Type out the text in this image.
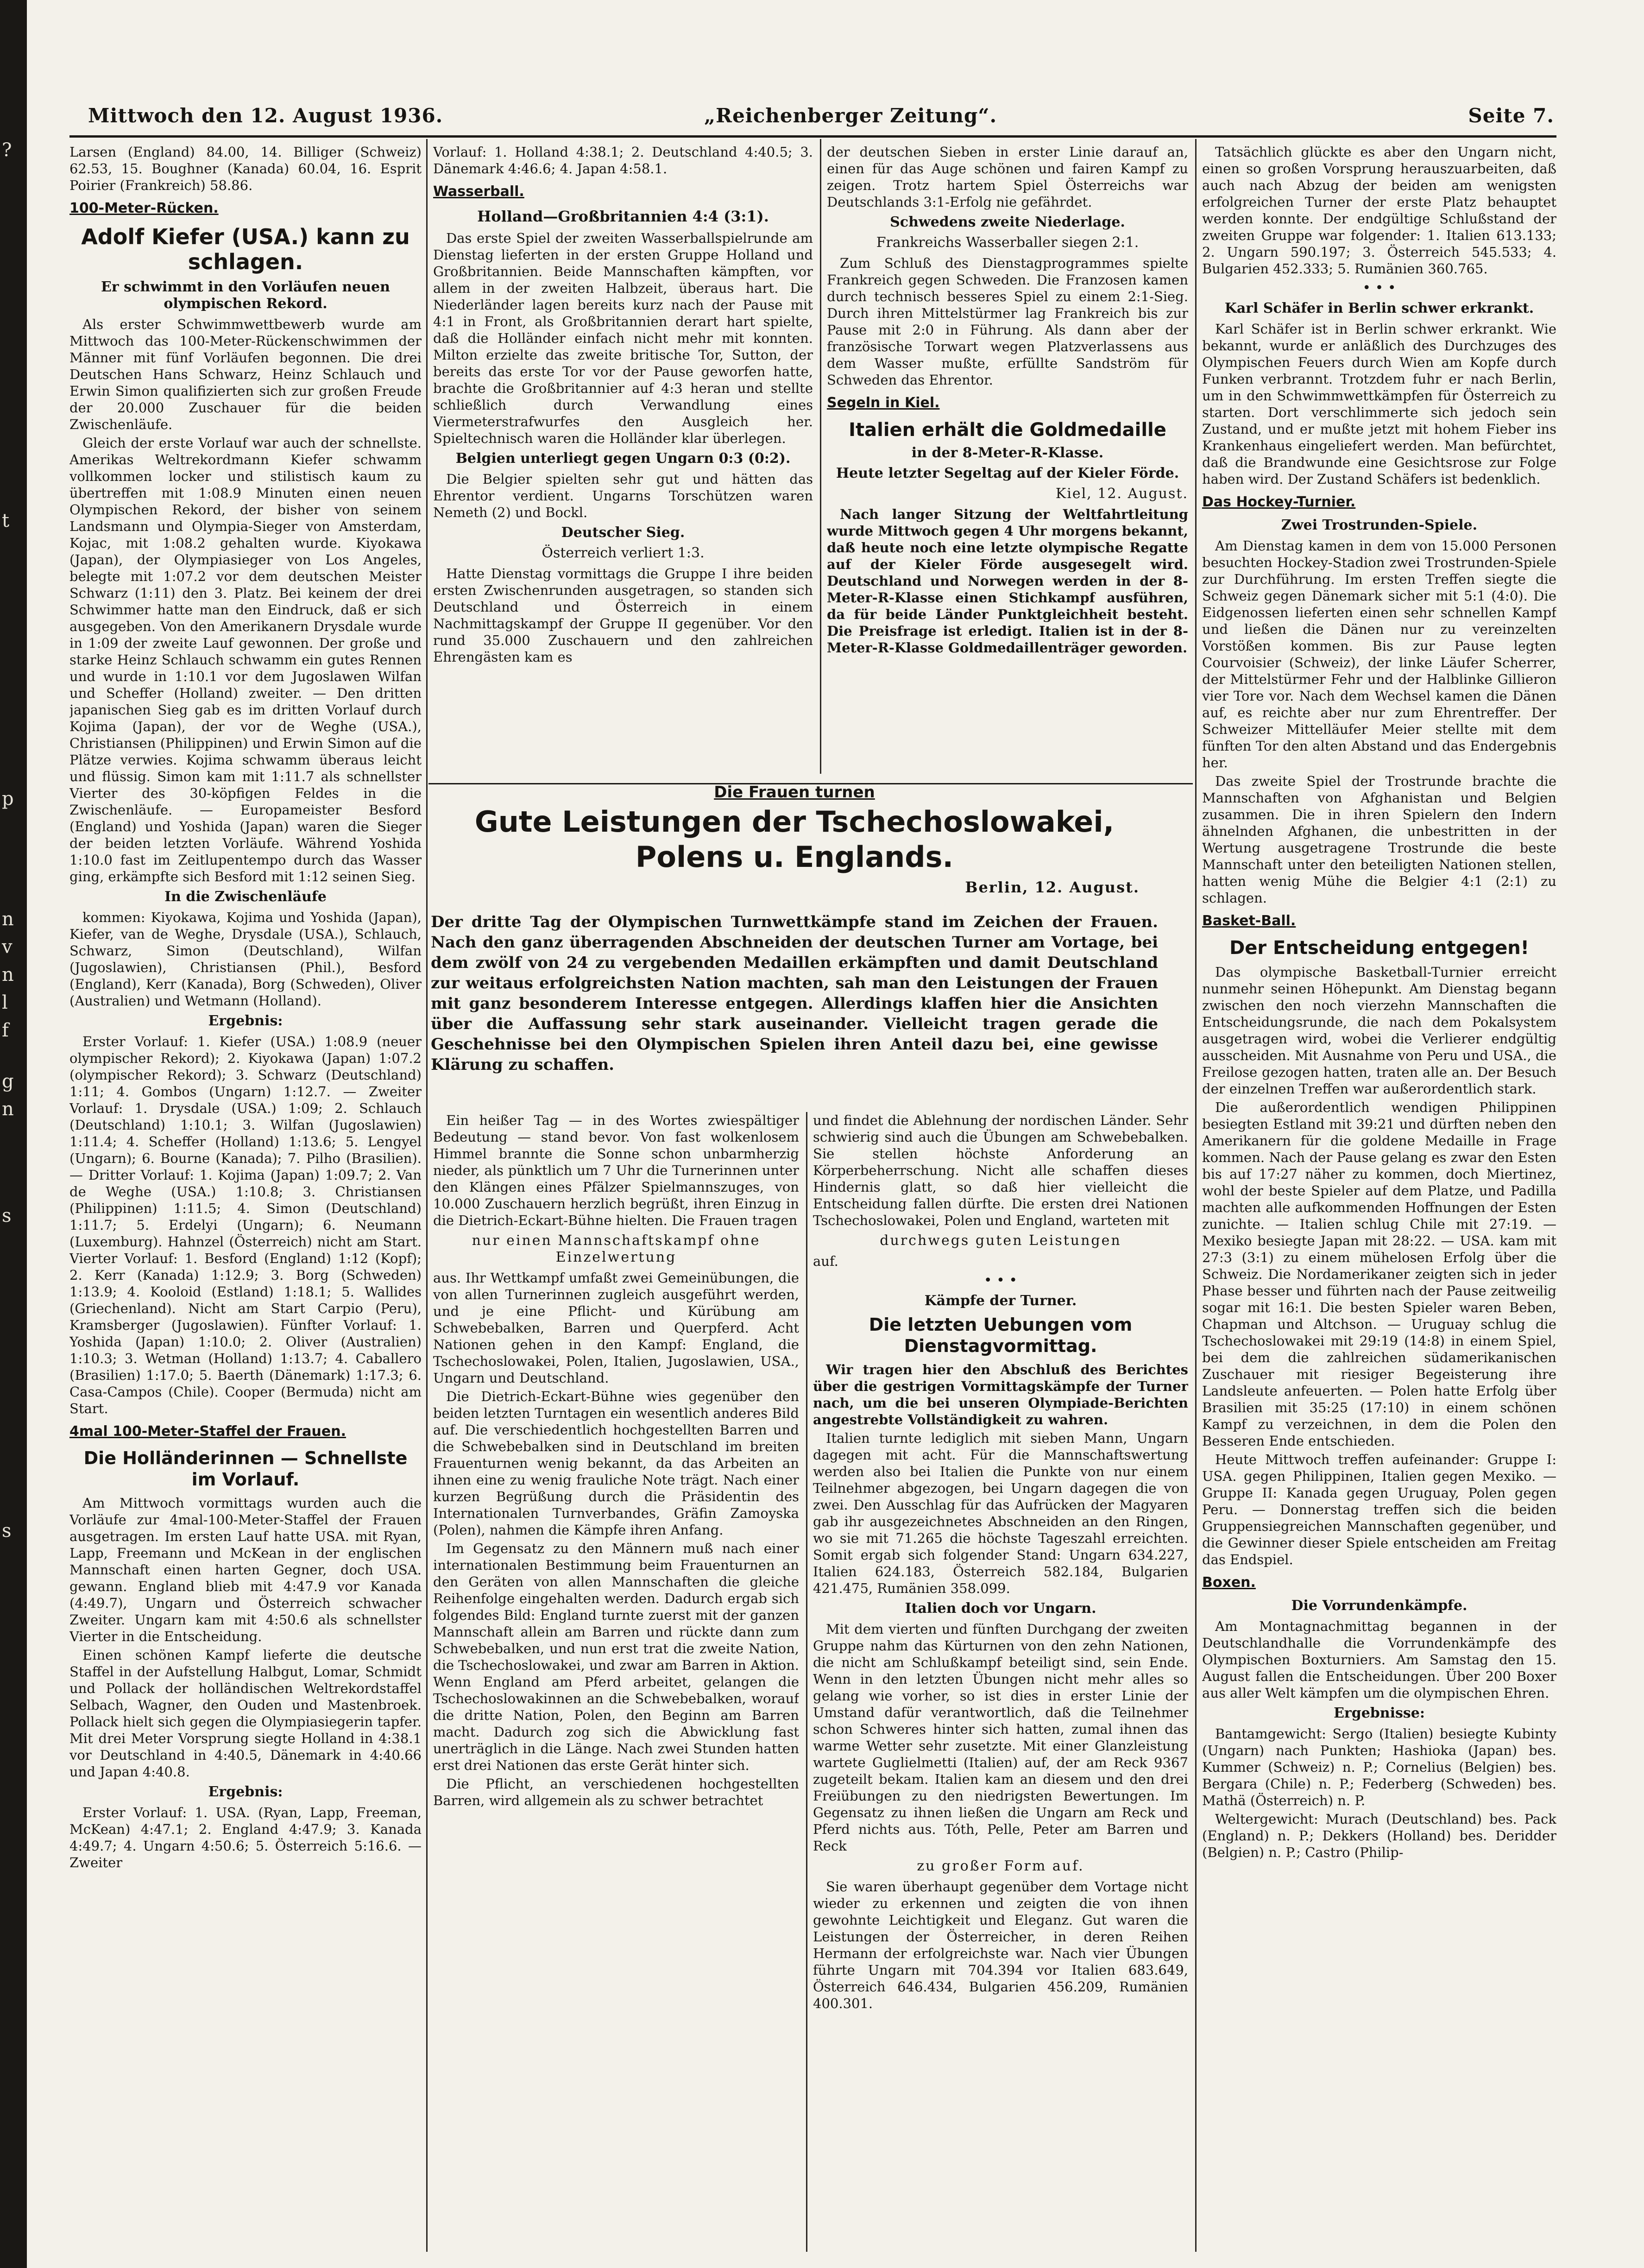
?
t
p
n
v
n
l
f
g
n
s
s
Mittwoch den 12. August 1936.	„Reichenberger Zeitung“.	Seite 7.

Larsen (England) 84.00, 14. Billiger (Schweiz) 62.53, 15. Boughner (Kanada) 60.04, 16. Esprit Poirier (Frankreich) 58.86.

100-Meter-Rücken.
Adolf Kiefer (USA.) kann zu schlagen.
Er schwimmt in den Vorläufen neuen olympischen Rekord.

Als erster Schwimmwettbewerb wurde am Mittwoch das 100-Meter-Rückenschwimmen der Männer mit fünf Vorläufen begonnen. Die drei Deutschen Hans Schwarz, Heinz Schlauch und Erwin Simon qualifizierten sich zur großen Freude der 20.000 Zuschauer für die beiden Zwischenläufe.

Gleich der erste Vorlauf war auch der schnellste. Amerikas Weltrekordmann Kiefer schwamm vollkommen locker und stilistisch kaum zu übertreffen mit 1:08.9 Minuten einen neuen Olympischen Rekord, der bisher von seinem Landsmann und Olympia-Sieger von Amsterdam, Kojac, mit 1:08.2 gehalten wurde. Kiyokawa (Japan), der Olympiasieger von Los Angeles, belegte mit 1:07.2 vor dem deutschen Meister Schwarz (1:11) den 3. Platz. Bei keinem der drei Schwimmer hatte man den Eindruck, daß er sich ausgegeben. Von den Amerikanern Drysdale wurde in 1:09 der zweite Lauf gewonnen. Der große und starke Heinz Schlauch schwamm ein gutes Rennen und wurde in 1:10.1 vor dem Jugoslawen Wilfan und Scheffer (Holland) zweiter. — Den dritten japanischen Sieg gab es im dritten Vorlauf durch Kojima (Japan), der vor de Weghe (USA.), Christiansen (Philippinen) und Erwin Simon auf die Plätze verwies. Kojima schwamm überaus leicht und flüssig. Simon kam mit 1:11.7 als schnellster Vierter des 30-köpfigen Feldes in die Zwischenläufe. — Europameister Besford (England) und Yoshida (Japan) waren die Sieger der beiden letzten Vorläufe. Während Yoshida 1:10.0 fast im Zeitlupentempo durch das Wasser ging, erkämpfte sich Besford mit 1:12 seinen Sieg.

In die Zwischenläufe

kommen: Kiyokawa, Kojima und Yoshida (Japan), Kiefer, van de Weghe, Drysdale (USA.), Schlauch, Schwarz, Simon (Deutschland), Wilfan (Jugoslawien), Christiansen (Phil.), Besford (England), Kerr (Kanada), Borg (Schweden), Oliver (Australien) und Wetmann (Holland).

Ergebnis:

Erster Vorlauf: 1. Kiefer (USA.) 1:08.9 (neuer olympischer Rekord); 2. Kiyokawa (Japan) 1:07.2 (olympischer Rekord); 3. Schwarz (Deutschland) 1:11; 4. Gombos (Ungarn) 1:12.7. — Zweiter Vorlauf: 1. Drysdale (USA.) 1:09; 2. Schlauch (Deutschland) 1:10.1; 3. Wilfan (Jugoslawien) 1:11.4; 4. Scheffer (Holland) 1:13.6; 5. Lengyel (Ungarn); 6. Bourne (Kanada); 7. Pilho (Brasilien). — Dritter Vorlauf: 1. Kojima (Japan) 1:09.7; 2. Van de Weghe (USA.) 1:10.8; 3. Christiansen (Philippinen) 1:11.5; 4. Simon (Deutschland) 1:11.7; 5. Erdelyi (Ungarn); 6. Neumann (Luxemburg). Hahnzel (Österreich) nicht am Start. Vierter Vorlauf: 1. Besford (England) 1:12 (Kopf); 2. Kerr (Kanada) 1:12.9; 3. Borg (Schweden) 1:13.9; 4. Kooloid (Estland) 1:18.1; 5. Wallides (Griechenland). Nicht am Start Carpio (Peru), Kramsberger (Jugoslawien). Fünfter Vorlauf: 1. Yoshida (Japan) 1:10.0; 2. Oliver (Australien) 1:10.3; 3. Wetman (Holland) 1:13.7; 4. Caballero (Brasilien) 1:17.0; 5. Baerth (Dänemark) 1:17.3; 6. Casa-Campos (Chile). Cooper (Bermuda) nicht am Start.

4mal 100-Meter-Staffel der Frauen.
Die Holländerinnen — Schnellste im Vorlauf.

Am Mittwoch vormittags wurden auch die Vorläufe zur 4mal-100-Meter-Staffel der Frauen ausgetragen. Im ersten Lauf hatte USA. mit Ryan, Lapp, Freemann und McKean in der englischen Mannschaft einen harten Gegner, doch USA. gewann. England blieb mit 4:47.9 vor Kanada (4:49.7), Ungarn und Österreich schwacher Zweiter. Ungarn kam mit 4:50.6 als schnellster Vierter in die Entscheidung.

Einen schönen Kampf lieferte die deutsche Staffel in der Aufstellung Halbgut, Lomar, Schmidt und Pollack der holländischen Weltrekordstaffel Selbach, Wagner, den Ouden und Mastenbroek. Pollack hielt sich gegen die Olympiasiegerin tapfer. Mit drei Meter Vorsprung siegte Holland in 4:38.1 vor Deutschland in 4:40.5, Dänemark in 4:40.66 und Japan 4:40.8.

Ergebnis:

Erster Vorlauf: 1. USA. (Ryan, Lapp, Freeman, McKean) 4:47.1; 2. England 4:47.9; 3. Kanada 4:49.7; 4. Ungarn 4:50.6; 5. Österreich 5:16.6. — Zweiter

Vorlauf: 1. Holland 4:38.1; 2. Deutschland 4:40.5; 3. Dänemark 4:46.6; 4. Japan 4:58.1.

Wasserball.
Holland—Großbritannien 4:4 (3:1).

Das erste Spiel der zweiten Wasserballspielrunde am Dienstag lieferten in der ersten Gruppe Holland und Großbritannien. Beide Mannschaften kämpften, vor allem in der zweiten Halbzeit, überaus hart. Die Niederländer lagen bereits kurz nach der Pause mit 4:1 in Front, als Großbritannien derart hart spielte, daß die Holländer einfach nicht mehr mit konnten. Milton erzielte das zweite britische Tor, Sutton, der bereits das erste Tor vor der Pause geworfen hatte, brachte die Großbritannier auf 4:3 heran und stellte schließlich durch Verwandlung eines Viermeterstrafwurfes den Ausgleich her. Spieltechnisch waren die Holländer klar überlegen.

Belgien unterliegt gegen Ungarn 0:3 (0:2).

Die Belgier spielten sehr gut und hätten das Ehrentor verdient. Ungarns Torschützen waren Nemeth (2) und Bockl.

Deutscher Sieg.
Österreich verliert 1:3.

Hatte Dienstag vormittags die Gruppe I ihre beiden ersten Zwischenrunden ausgetragen, so standen sich Deutschland und Österreich in einem Nachmittagskampf der Gruppe II gegenüber. Vor den rund 35.000 Zuschauern und den zahlreichen Ehrengästen kam es

der deutschen Sieben in erster Linie darauf an, einen für das Auge schönen und fairen Kampf zu zeigen. Trotz hartem Spiel Österreichs war Deutschlands 3:1-Erfolg nie gefährdet.

Schwedens zweite Niederlage.
Frankreichs Wasserballer siegen 2:1.

Zum Schluß des Dienstagprogrammes spielte Frankreich gegen Schweden. Die Franzosen kamen durch technisch besseres Spiel zu einem 2:1-Sieg. Durch ihren Mittelstürmer lag Frankreich bis zur Pause mit 2:0 in Führung. Als dann aber der französische Torwart wegen Platzverlassens aus dem Wasser mußte, erfüllte Sandström für Schweden das Ehrentor.

Segeln in Kiel.
Italien erhält die Goldmedaille
in der 8-Meter-R-Klasse.
Heute letzter Segeltag auf der Kieler Förde.
Kiel, 12. August.

Nach langer Sitzung der Weltfahrtleitung wurde Mittwoch gegen 4 Uhr morgens bekannt, daß heute noch eine letzte olympische Regatte auf der Kieler Förde ausgesegelt wird. Deutschland und Norwegen werden in der 8-Meter-R-Klasse einen Stichkampf ausführen, da für beide Länder Punktgleichheit besteht. Die Preisfrage ist erledigt. Italien ist in der 8-Meter-R-Klasse Goldmedaillenträger geworden.

Die Frauen turnen
Gute Leistungen der Tschechoslowakei, Polens u. Englands.
Berlin, 12. August.

Der dritte Tag der Olympischen Turnwettkämpfe stand im Zeichen der Frauen. Nach den ganz überragenden Abschneiden der deutschen Turner am Vortage, bei dem zwölf von 24 zu vergebenden Medaillen erkämpften und damit Deutschland zur weitaus erfolgreichsten Nation machten, sah man den Leistungen der Frauen mit ganz besonderem Interesse entgegen. Allerdings klaffen hier die Ansichten über die Auffassung sehr stark auseinander. Vielleicht tragen gerade die Geschehnisse bei den Olympischen Spielen ihren Anteil dazu bei, eine gewisse Klärung zu schaffen.

Ein heißer Tag — in des Wortes zwiespältiger Bedeutung — stand bevor. Von fast wolkenlosem Himmel brannte die Sonne schon unbarmherzig nieder, als pünktlich um 7 Uhr die Turnerinnen unter den Klängen eines Pfälzer Spielmannszuges, von 10.000 Zuschauern herzlich begrüßt, ihren Einzug in die Dietrich-Eckart-Bühne hielten. Die Frauen tragen

nur einen Mannschaftskampf ohne Einzelwertung

aus. Ihr Wettkampf umfaßt zwei Gemeinübungen, die von allen Turnerinnen zugleich ausgeführt werden, und je eine Pflicht- und Kürübung am Schwebebalken, Barren und Querpferd. Acht Nationen gehen in den Kampf: England, die Tschechoslowakei, Polen, Italien, Jugoslawien, USA., Ungarn und Deutschland.

Die Dietrich-Eckart-Bühne wies gegenüber den beiden letzten Turntagen ein wesentlich anderes Bild auf. Die verschiedentlich hochgestellten Barren und die Schwebebalken sind in Deutschland im breiten Frauenturnen wenig bekannt, da das Arbeiten an ihnen eine zu wenig frauliche Note trägt. Nach einer kurzen Begrüßung durch die Präsidentin des Internationalen Turnverbandes, Gräfin Zamoyska (Polen), nahmen die Kämpfe ihren Anfang.

Im Gegensatz zu den Männern muß nach einer internationalen Bestimmung beim Frauenturnen an den Geräten von allen Mannschaften die gleiche Reihenfolge eingehalten werden. Dadurch ergab sich folgendes Bild: England turnte zuerst mit der ganzen Mannschaft allein am Barren und rückte dann zum Schwebebalken, und nun erst trat die zweite Nation, die Tschechoslowakei, und zwar am Barren in Aktion. Wenn England am Pferd arbeitet, gelangen die Tschechoslowakinnen an die Schwebebalken, worauf die dritte Nation, Polen, den Beginn am Barren macht. Dadurch zog sich die Abwicklung fast unerträglich in die Länge. Nach zwei Stunden hatten erst drei Nationen das erste Gerät hinter sich.

Die Pflicht, an verschiedenen hochgestellten Barren, wird allgemein als zu schwer betrachtet

und findet die Ablehnung der nordischen Länder. Sehr schwierig sind auch die Übungen am Schwebebalken. Sie stellen höchste Anforderung an Körperbeherrschung. Nicht alle schaffen dieses Hindernis glatt, so daß hier vielleicht die Entscheidung fallen dürfte. Die ersten drei Nationen Tschechoslowakei, Polen und England, warteten mit

durchwegs guten Leistungen

auf.

• • •
Kämpfe der Turner.
Die letzten Uebungen vom Dienstagvormittag.

Wir tragen hier den Abschluß des Berichtes über die gestrigen Vormittagskämpfe der Turner nach, um die bei unseren Olympiade-Berichten angestrebte Vollständigkeit zu wahren.

Italien turnte lediglich mit sieben Mann, Ungarn dagegen mit acht. Für die Mannschaftswertung werden also bei Italien die Punkte von nur einem Teilnehmer abgezogen, bei Ungarn dagegen die von zwei. Den Ausschlag für das Aufrücken der Magyaren gab ihr ausgezeichnetes Abschneiden an den Ringen, wo sie mit 71.265 die höchste Tageszahl erreichten. Somit ergab sich folgender Stand: Ungarn 634.227, Italien 624.183, Österreich 582.184, Bulgarien 421.475, Rumänien 358.099.

Italien doch vor Ungarn.

Mit dem vierten und fünften Durchgang der zweiten Gruppe nahm das Kürturnen von den zehn Nationen, die nicht am Schlußkampf beteiligt sind, sein Ende. Wenn in den letzten Übungen nicht mehr alles so gelang wie vorher, so ist dies in erster Linie der Umstand dafür verantwortlich, daß die Teilnehmer schon Schweres hinter sich hatten, zumal ihnen das warme Wetter sehr zusetzte. Mit einer Glanzleistung wartete Guglielmetti (Italien) auf, der am Reck 9367 zugeteilt bekam. Italien kam an diesem und den drei Freiübungen zu den niedrigsten Bewertungen. Im Gegensatz zu ihnen ließen die Ungarn am Reck und Pferd nichts aus. Tóth, Pelle, Peter am Barren und Reck

zu großer Form auf.

Sie waren überhaupt gegenüber dem Vortage nicht wieder zu erkennen und zeigten die von ihnen gewohnte Leichtigkeit und Eleganz. Gut waren die Leistungen der Österreicher, in deren Reihen Hermann der erfolgreichste war. Nach vier Übungen führte Ungarn mit 704.394 vor Italien 683.649, Österreich 646.434, Bulgarien 456.209, Rumänien 400.301.

Tatsächlich glückte es aber den Ungarn nicht, einen so großen Vorsprung herauszuarbeiten, daß auch nach Abzug der beiden am wenigsten erfolgreichen Turner der erste Platz behauptet werden konnte. Der endgültige Schlußstand der zweiten Gruppe war folgender: 1. Italien 613.133; 2. Ungarn 590.197; 3. Österreich 545.533; 4. Bulgarien 452.333; 5. Rumänien 360.765.

• • •
Karl Schäfer in Berlin schwer erkrankt.

Karl Schäfer ist in Berlin schwer erkrankt. Wie bekannt, wurde er anläßlich des Durchzuges des Olympischen Feuers durch Wien am Kopfe durch Funken verbrannt. Trotzdem fuhr er nach Berlin, um in den Schwimmwettkämpfen für Österreich zu starten. Dort verschlimmerte sich jedoch sein Zustand, und er mußte jetzt mit hohem Fieber ins Krankenhaus eingeliefert werden. Man befürchtet, daß die Brandwunde eine Gesichtsrose zur Folge haben wird. Der Zustand Schäfers ist bedenklich.

Das Hockey-Turnier.
Zwei Trostrunden-Spiele.

Am Dienstag kamen in dem von 15.000 Personen besuchten Hockey-Stadion zwei Trostrunden-Spiele zur Durchführung. Im ersten Treffen siegte die Schweiz gegen Dänemark sicher mit 5:1 (4:0). Die Eidgenossen lieferten einen sehr schnellen Kampf und ließen die Dänen nur zu vereinzelten Vorstößen kommen. Bis zur Pause legten Courvoisier (Schweiz), der linke Läufer Scherrer, der Mittelstürmer Fehr und der Halblinke Gillieron vier Tore vor. Nach dem Wechsel kamen die Dänen auf, es reichte aber nur zum Ehrentreffer. Der Schweizer Mittelläufer Meier stellte mit dem fünften Tor den alten Abstand und das Endergebnis her.

Das zweite Spiel der Trostrunde brachte die Mannschaften von Afghanistan und Belgien zusammen. Die in ihren Spielern den Indern ähnelnden Afghanen, die unbestritten in der Wertung ausgetragene Trostrunde die beste Mannschaft unter den beteiligten Nationen stellen, hatten wenig Mühe die Belgier 4:1 (2:1) zu schlagen.

Basket-Ball.
Der Entscheidung entgegen!

Das olympische Basketball-Turnier erreicht nunmehr seinen Höhepunkt. Am Dienstag begann zwischen den noch vierzehn Mannschaften die Entscheidungsrunde, die nach dem Pokalsystem ausgetragen wird, wobei die Verlierer endgültig ausscheiden. Mit Ausnahme von Peru und USA., die Freilose gezogen hatten, traten alle an. Der Besuch der einzelnen Treffen war außerordentlich stark.

Die außerordentlich wendigen Philippinen besiegten Estland mit 39:21 und dürften neben den Amerikanern für die goldene Medaille in Frage kommen. Nach der Pause gelang es zwar den Esten bis auf 17:27 näher zu kommen, doch Miertinez, wohl der beste Spieler auf dem Platze, und Padilla machten alle aufkommenden Hoffnungen der Esten zunichte. — Italien schlug Chile mit 27:19. — Mexiko besiegte Japan mit 28:22. — USA. kam mit 27:3 (3:1) zu einem mühelosen Erfolg über die Schweiz. Die Nordamerikaner zeigten sich in jeder Phase besser und führten nach der Pause zeitweilig sogar mit 16:1. Die besten Spieler waren Beben, Chapman und Altchson. — Uruguay schlug die Tschechoslowakei mit 29:19 (14:8) in einem Spiel, bei dem die zahlreichen südamerikanischen Zuschauer mit riesiger Begeisterung ihre Landsleute anfeuerten. — Polen hatte Erfolg über Brasilien mit 35:25 (17:10) in einem schönen Kampf zu verzeichnen, in dem die Polen den Besseren Ende entschieden.

Heute Mittwoch treffen aufeinander: Gruppe I: USA. gegen Philippinen, Italien gegen Mexiko. — Gruppe II: Kanada gegen Uruguay, Polen gegen Peru. — Donnerstag treffen sich die beiden Gruppensiegreichen Mannschaften gegenüber, und die Gewinner dieser Spiele entscheiden am Freitag das Endspiel.

Boxen.
Die Vorrundenkämpfe.

Am Montagnachmittag begannen in der Deutschlandhalle die Vorrundenkämpfe des Olympischen Boxturniers. Am Samstag den 15. August fallen die Entscheidungen. Über 200 Boxer aus aller Welt kämpfen um die olympischen Ehren.

Ergebnisse:

Bantamgewicht: Sergo (Italien) besiegte Kubinty (Ungarn) nach Punkten; Hashioka (Japan) bes. Kummer (Schweiz) n. P.; Cornelius (Belgien) bes. Bergara (Chile) n. P.; Federberg (Schweden) bes. Mathä (Österreich) n. P.

Weltergewicht: Murach (Deutschland) bes. Pack (England) n. P.; Dekkers (Holland) bes. Deridder (Belgien) n. P.; Castro (Philip-
